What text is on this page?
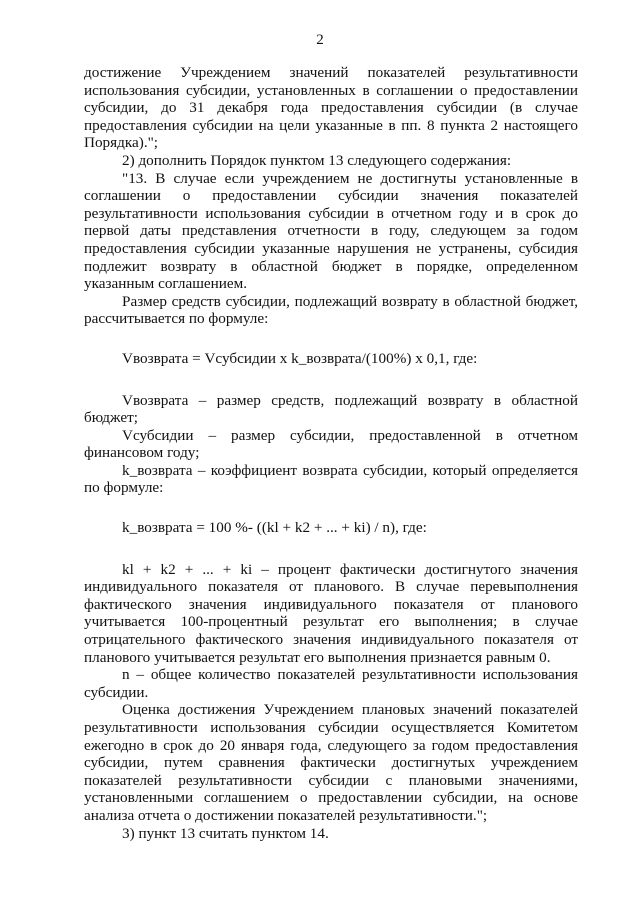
2

достижение Учреждением значений показателей результативности использования субсидии, установленных в соглашении о предоставлении субсидии, до 31 декабря года предоставления субсидии (в случае предоставления субсидии на цели указанные в пп. 8 пункта 2 настоящего Порядка).";

2) дополнить Порядок пунктом 13 следующего содержания:

"13. В случае если учреждением не достигнуты установленные в соглашении о предоставлении субсидии значения показателей результативности использования субсидии в отчетном году и в срок до первой даты представления отчетности в году, следующем за годом предоставления субсидии указанные нарушения не устранены, субсидия подлежит возврату в областной бюджет в порядке, определенном указанным соглашением.

Размер средств субсидии, подлежащий возврату в областной бюджет, рассчитывается по формуле:

Vвозврата = Vсубсидии x k_возврата/(100%) x 0,1, где:

Vвозврата – размер средств, подлежащий возврату в областной бюджет;

Vсубсидии – размер субсидии, предоставленной в отчетном финансовом году;

k_возврата – коэффициент возврата субсидии, который определяется по формуле:

k_возврата = 100 %- ((kl + k2 + ... + ki) / n), где:

kl + k2 + ... + ki – процент фактически достигнутого значения индивидуального показателя от планового. В случае перевыполнения фактического значения индивидуального показателя от планового учитывается 100-процентный результат его выполнения; в случае отрицательного фактического значения индивидуального показателя от планового учитывается результат его выполнения признается равным 0.

n – общее количество показателей результативности использования субсидии.

Оценка достижения Учреждением плановых значений показателей результативности использования субсидии осуществляется Комитетом ежегодно в срок до 20 января года, следующего за годом предоставления субсидии, путем сравнения фактически достигнутых учреждением показателей результативности субсидии с плановыми значениями, установленными соглашением о предоставлении субсидии, на основе анализа отчета о достижении показателей результативности.";

3) пункт 13 считать пунктом 14.
